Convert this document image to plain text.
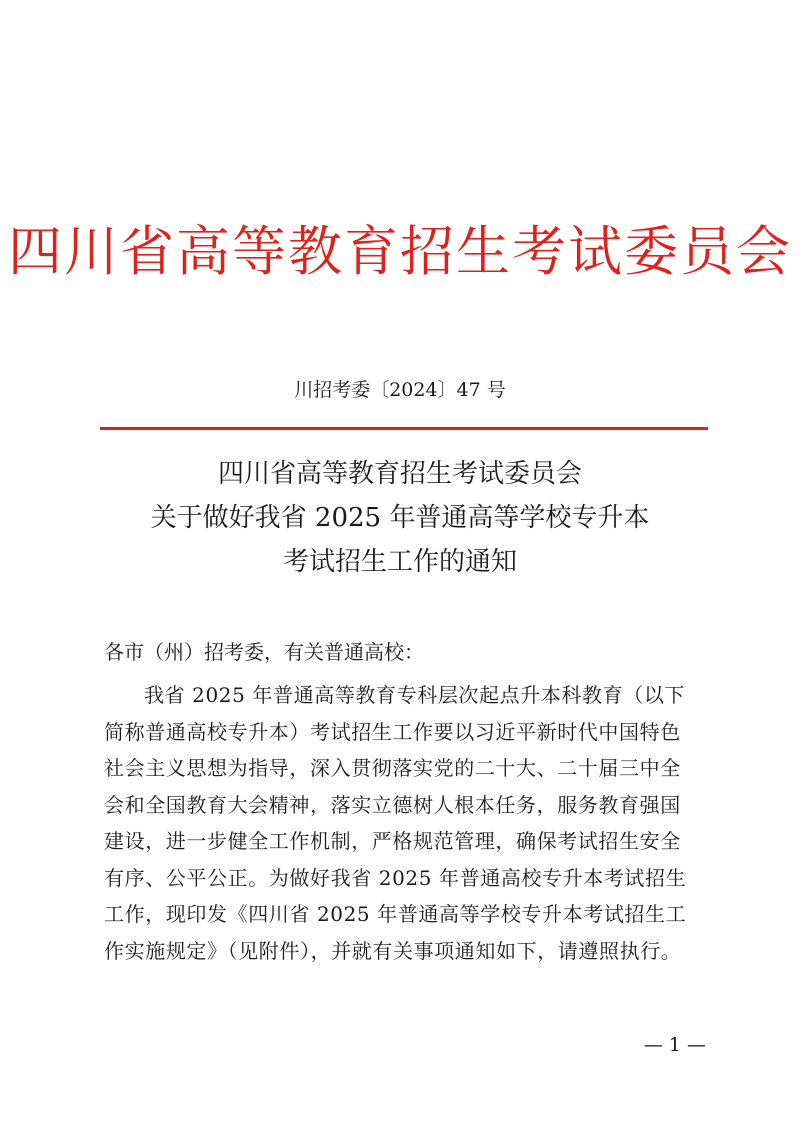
四川省高等教育招生考试委员会
川招考委〔2024〕47 号
四川省高等教育招生考试委员会
关于做好我省 2025 年普通高等学校专升本
考试招生工作的通知
各市（州）招考委，有关普通高校：
我省 2025 年普通高等教育专科层次起点升本科教育（以下
简称普通高校专升本）考试招生工作要以习近平新时代中国特色
社会主义思想为指导，深入贯彻落实党的二十大、二十届三中全
会和全国教育大会精神，落实立德树人根本任务，服务教育强国
建设，进一步健全工作机制，严格规范管理，确保考试招生安全
有序、公平公正。为做好我省 2025 年普通高校专升本考试招生
工作，现印发《四川省 2025 年普通高等学校专升本考试招生工
作实施规定》（见附件），并就有关事项通知如下，请遵照执行。
— 1 —
